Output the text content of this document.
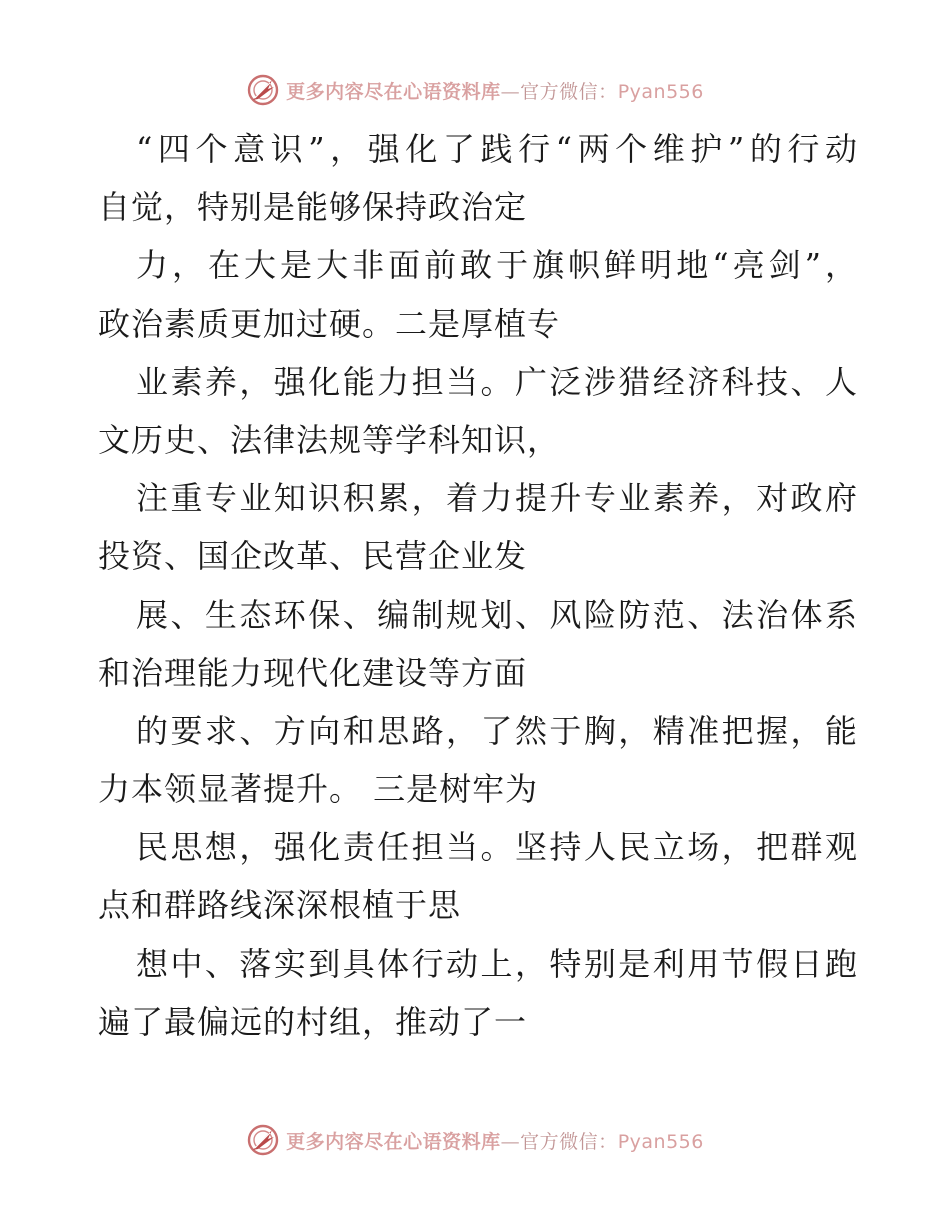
更多内容尽在心语资料库—官方微信：Pyan556
“四个意识”，强化了践行“两个维护”的行动
自觉，特别是能够保持政治定
力，在大是大非面前敢于旗帜鲜明地“亮剑”，
政治素质更加过硬。二是厚植专
业素养，强化能力担当。广泛涉猎经济科技、人
文历史、法律法规等学科知识，
注重专业知识积累，着力提升专业素养，对政府
投资、国企改革、民营企业发
展、生态环保、编制规划、风险防范、法治体系
和治理能力现代化建设等方面
的要求、方向和思路，了然于胸，精准把握，能
力本领显著提升。 三是树牢为
民思想，强化责任担当。坚持人民立场，把群观
点和群路线深深根植于思
想中、落实到具体行动上，特别是利用节假日跑
遍了最偏远的村组，推动了一
更多内容尽在心语资料库—官方微信：Pyan556
